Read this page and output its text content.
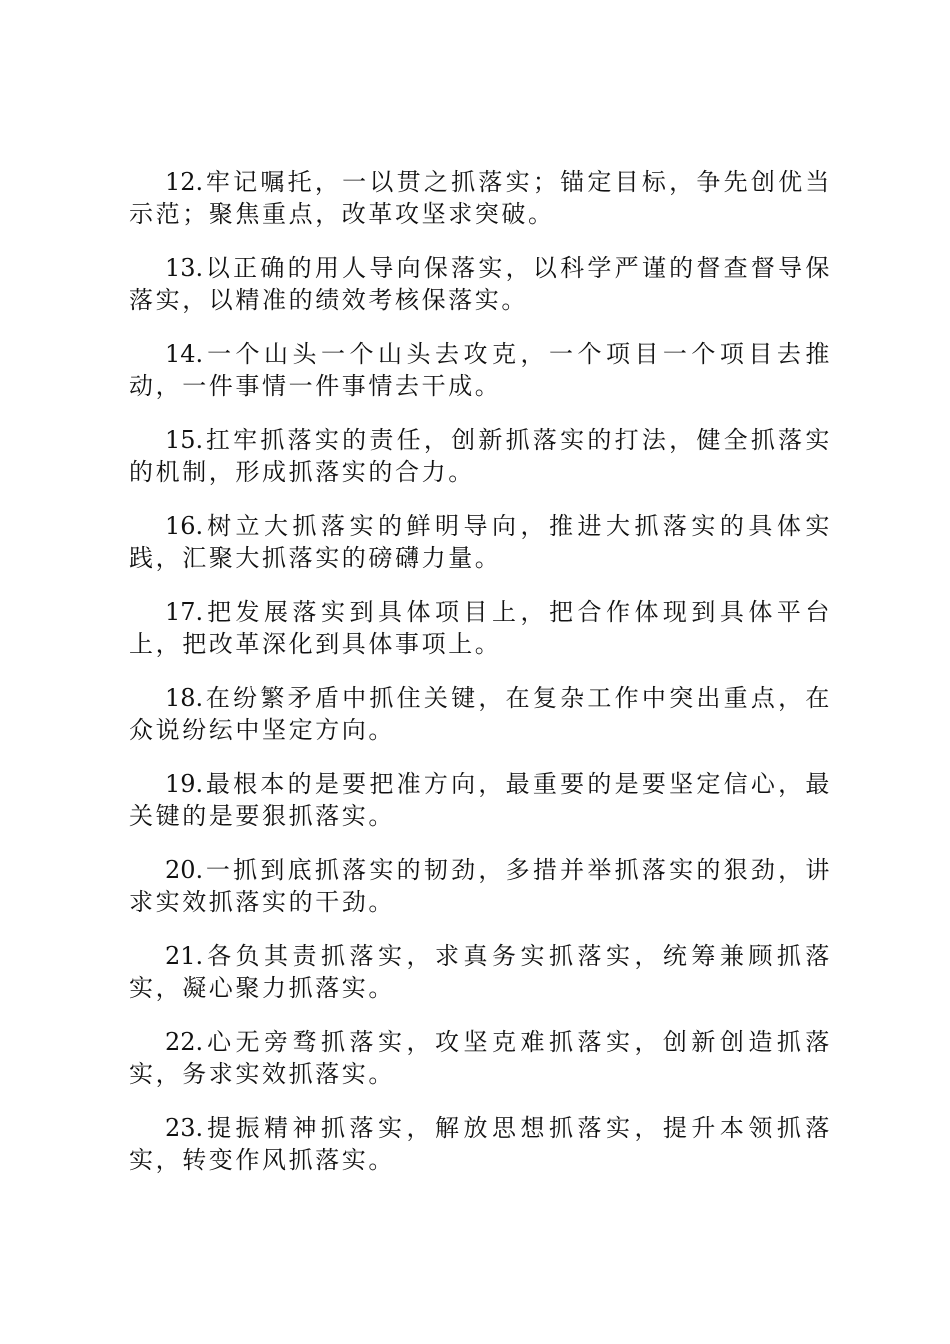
12.牢记嘱托，一以贯之抓落实；锚定目标，争先创优当示范；聚焦重点，改革攻坚求突破。

13.以正确的用人导向保落实，以科学严谨的督查督导保落实，以精准的绩效考核保落实。

14.一个山头一个山头去攻克，一个项目一个项目去推动，一件事情一件事情去干成。

15.扛牢抓落实的责任，创新抓落实的打法，健全抓落实的机制，形成抓落实的合力。

16.树立大抓落实的鲜明导向，推进大抓落实的具体实践，汇聚大抓落实的磅礴力量。

17.把发展落实到具体项目上，把合作体现到具体平台上，把改革深化到具体事项上。

18.在纷繁矛盾中抓住关键，在复杂工作中突出重点，在众说纷纭中坚定方向。

19.最根本的是要把准方向，最重要的是要坚定信心，最关键的是要狠抓落实。

20.一抓到底抓落实的韧劲，多措并举抓落实的狠劲，讲求实效抓落实的干劲。

21.各负其责抓落实，求真务实抓落实，统筹兼顾抓落实，凝心聚力抓落实。

22.心无旁骛抓落实，攻坚克难抓落实，创新创造抓落实，务求实效抓落实。

23.提振精神抓落实，解放思想抓落实，提升本领抓落实，转变作风抓落实。
